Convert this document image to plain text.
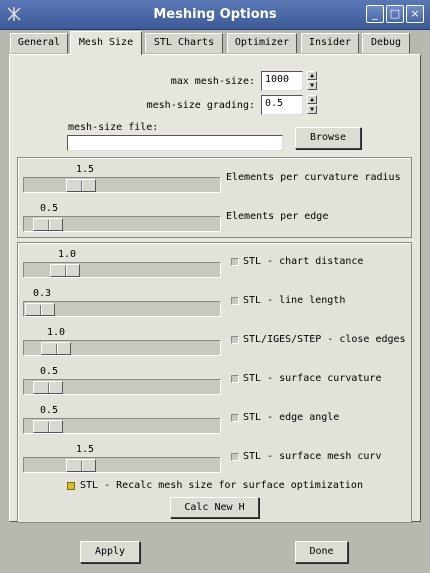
Meshing Options	_	□ ×
General	Mesh Size	STL Charts	Optimizer	Insider	Debug
max mesh-size:	1000	▲
▼
mesh-size grading:	0.5	▲
▼
mesh-size file:
Browse
1.5
Elements per curvature radius
0.5
Elements per edge
1.0
STL - chart distance
0.3
STL - line length
1.0
STL/IGES/STEP - close edges
0.5
STL - surface curvature
0.5
STL - edge angle
1.5
STL - surface mesh curv
STL - Recalc mesh size for surface optimization
Calc New H
Apply	Done
